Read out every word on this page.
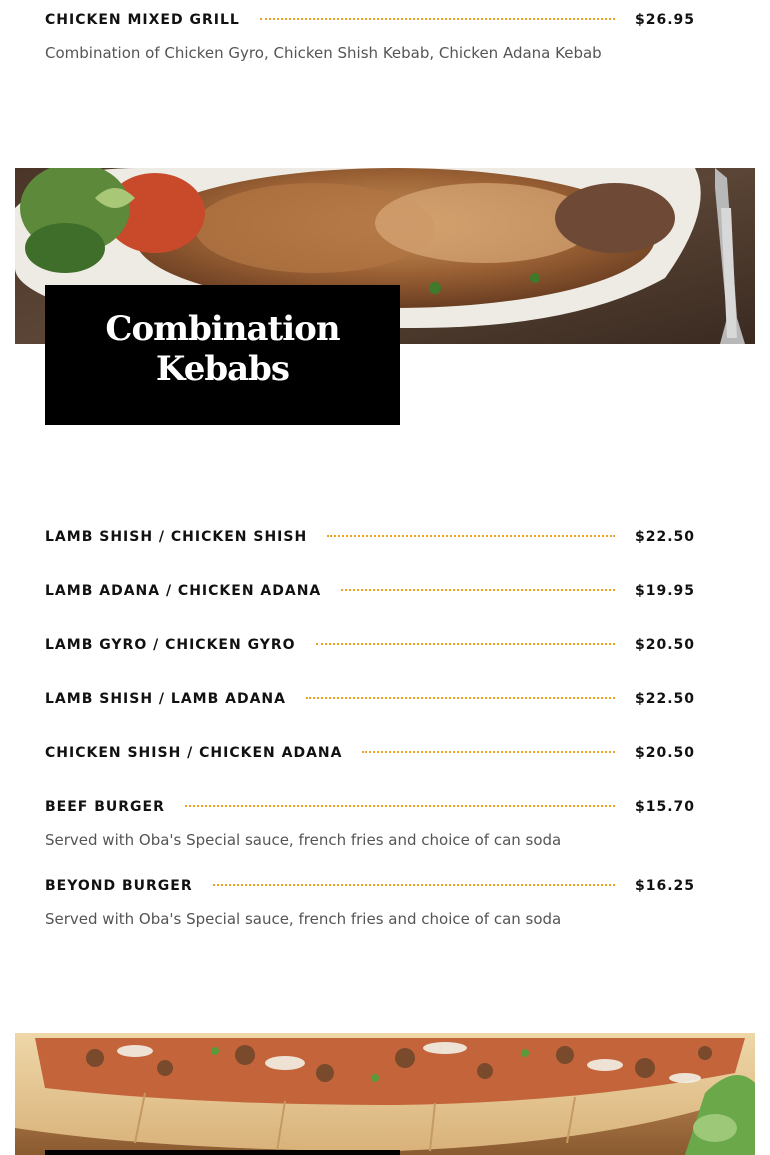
CHICKEN MIXED GRILL	$26.95
Combination of Chicken Gyro, Chicken Shish Kebab, Chicken Adana Kebab
Combination
Kebabs
LAMB SHISH / CHICKEN SHISH	$22.50
LAMB ADANA / CHICKEN ADANA	$19.95
LAMB GYRO / CHICKEN GYRO	$20.50
LAMB SHISH / LAMB ADANA	$22.50
CHICKEN SHISH / CHICKEN ADANA	$20.50
BEEF BURGER	$15.70
Served with Oba's Special sauce, french fries and choice of can soda
BEYOND BURGER	$16.25
Served with Oba's Special sauce, french fries and choice of can soda
